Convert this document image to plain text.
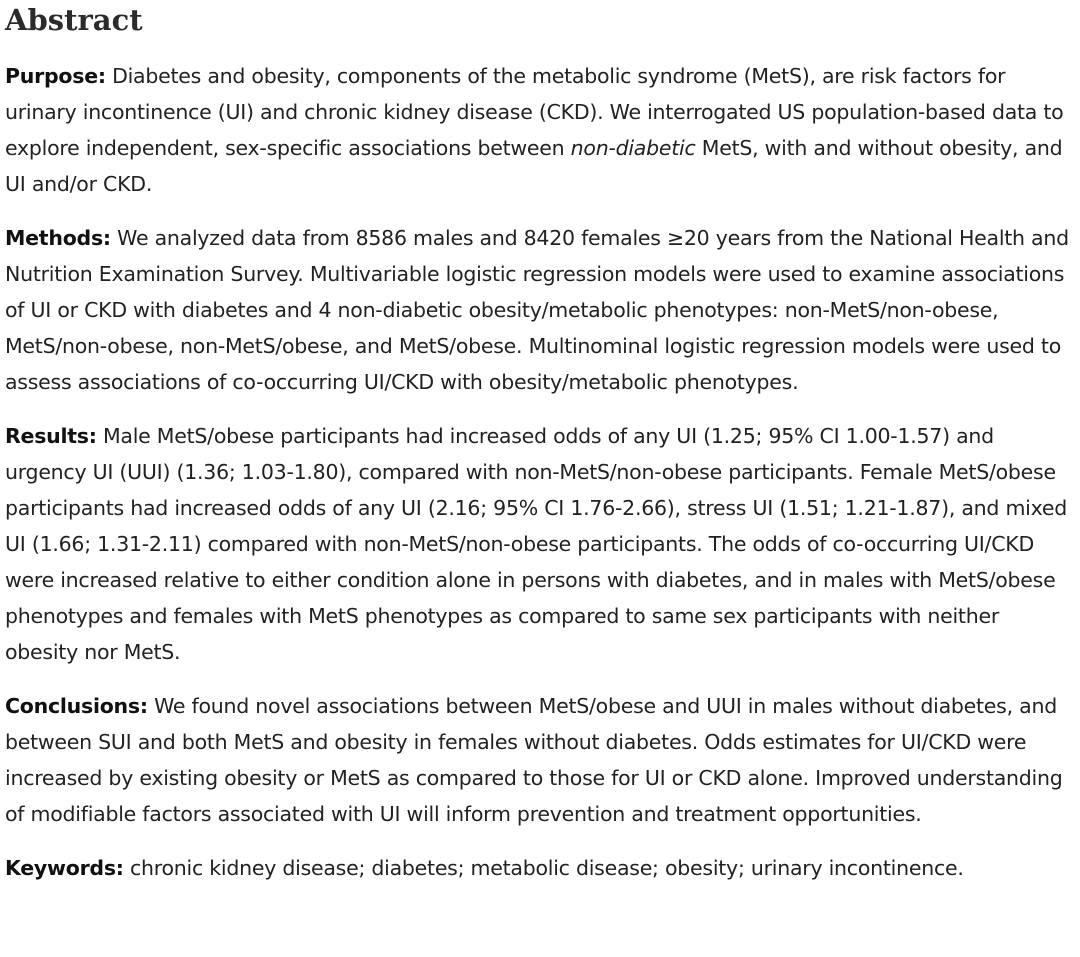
Abstract

Purpose: Diabetes and obesity, components of the metabolic syndrome (MetS), are risk factors for urinary incontinence (UI) and chronic kidney disease (CKD). We interrogated US population-based data to explore independent, sex-specific associations between non-diabetic MetS, with and without obesity, and UI and/or CKD.

Methods: We analyzed data from 8586 males and 8420 females ≥20 years from the National Health and Nutrition Examination Survey. Multivariable logistic regression models were used to examine associations of UI or CKD with diabetes and 4 non-diabetic obesity/metabolic phenotypes: non-MetS/non-obese, MetS/non-obese, non-MetS/obese, and MetS/obese. Multinominal logistic regression models were used to assess associations of co-occurring UI/CKD with obesity/metabolic phenotypes.

Results: Male MetS/obese participants had increased odds of any UI (1.25; 95% CI 1.00-1.57) and urgency UI (UUI) (1.36; 1.03-1.80), compared with non-MetS/non-obese participants. Female MetS/obese participants had increased odds of any UI (2.16; 95% CI 1.76-2.66), stress UI (1.51; 1.21-1.87), and mixed UI (1.66; 1.31-2.11) compared with non-MetS/non-obese participants. The odds of co-occurring UI/CKD were increased relative to either condition alone in persons with diabetes, and in males with MetS/obese phenotypes and females with MetS phenotypes as compared to same sex participants with neither obesity nor MetS.

Conclusions: We found novel associations between MetS/obese and UUI in males without diabetes, and between SUI and both MetS and obesity in females without diabetes. Odds estimates for UI/CKD were increased by existing obesity or MetS as compared to those for UI or CKD alone. Improved understanding of modifiable factors associated with UI will inform prevention and treatment opportunities.

Keywords: chronic kidney disease; diabetes; metabolic disease; obesity; urinary incontinence.
